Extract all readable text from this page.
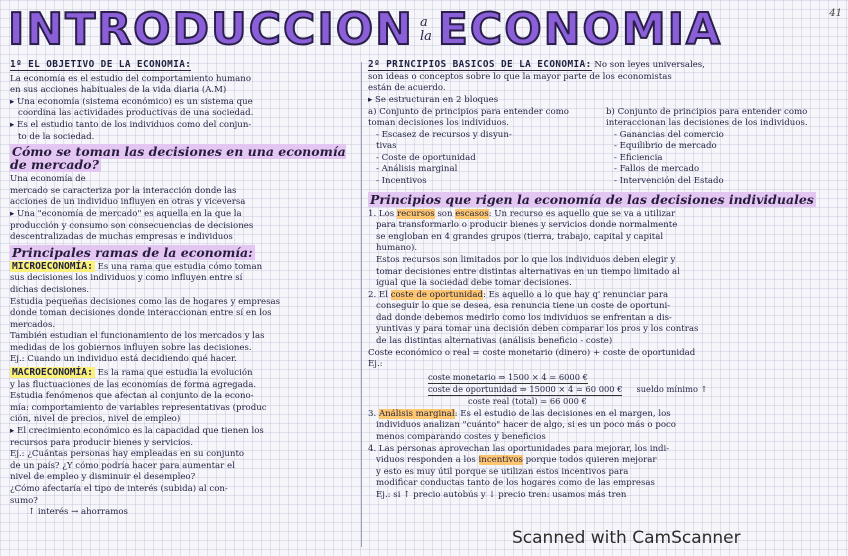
INTRODUCCION a
la ECONOMIA	41
1º EL OBJETIVO DE LA ECONOMÍA:
La economía es el estudio del comportamiento humano
en sus acciones habituales de la vida diaria (A.M)
▸ Una economía (sistema económico) es un sistema que
coordina las actividades productivas de una sociedad.
▸ Es el estudio tanto de los individuos como del conjun-
to de la sociedad.
Cómo se toman las decisiones en una economía de mercado?
Una economía de
mercado se caracteriza por la interacción donde las
acciones de un individuo influyen en otras y viceversa
▸ Una "economía de mercado" es aquella en la que la
producción y consumo son consecuencias de decisiones
descentralizadas de muchas empresas e individuos
Principales ramas de la economía:
MICROECONOMÍA: Es una rama que estudia cómo toman
sus decisiones los individuos y como influyen entre sí
dichas decisiones.
Estudia pequeñas decisiones como las de hogares y empresas
donde toman decisiones donde interaccionan entre sí en los
mercados.
También estudian el funcionamiento de los mercados y las
medidas de los gobiernos influyen sobre las decisiones.
Ej.: Cuando un individuo está decidiendo qué hacer.
MACROECONOMÍA: Es la rama que estudia la evolución
y las fluctuaciones de las economías de forma agregada.
Estudia fenómenos que afectan al conjunto de la econo-
mía: comportamiento de variables representativas (produc
ción, nivel de precios, nivel de empleo)
▸ El crecimiento económico es la capacidad que tienen los
recursos para producir bienes y servicios.
Ej.: ¿Cuántas personas hay empleadas en su conjunto
de un país? ¿Y cómo podría hacer para aumentar el
nivel de empleo y disminuir el desempleo?
¿Cómo afectaría el tipo de interés (subida) al con-
sumo?
↑ interés → ahorramos
2º PRINCIPIOS BÁSICOS DE LA ECONOMÍA: No son leyes universales,
son ideas o conceptos sobre lo que la mayor parte de los economistas
están de acuerdo.
▸ Se estructuran en 2 bloques
a) Conjunto de principios para entender como toman decisiones los individuos.
- Escasez de recursos y disyun-
tivas
- Coste de oportunidad
- Análisis marginal
- Incentivos
b) Conjunto de principios para entender como interaccionan las decisiones de los individuos.
- Ganancias del comercio
- Equilibrio de mercado
- Eficiencia
- Fallos de mercado
- Intervención del Estado
Principios que rigen la economía de las decisiones individuales
1. Los recursos son escasos: Un recurso es aquello que se va a utilizar
para transformarlo o producir bienes y servicios donde normalmente
se engloban en 4 grandes grupos (tierra, trabajo, capital y capital
humano).
Estos recursos son limitados por lo que los individuos deben elegir y
tomar decisiones entre distintas alternativas en un tiempo limitado al
igual que la sociedad debe tomar decisiones.
2. El coste de oportunidad: Es aquello a lo que hay q' renunciar para
conseguir lo que se desea, esa renuncia tiene un coste de oportuni-
dad donde debemos medirlo como los individuos se enfrentan a dis-
yuntivas y para tomar una decisión deben comparar los pros y los contras
de las distintas alternativas (análisis beneficio - coste)
Coste económico o real = coste monetario (dinero) + coste de oportunidad
Ej.:
coste monetario ⇒ 1500 × 4 = 6000 €
coste de oportunidad ⇒ 15000 × 4 = 60 000 € sueldo mínimo ↑
coste real (total) = 66 000 €
3. Análisis marginal: Es el estudio de las decisiones en el margen, los
individuos analizan "cuánto" hacer de algo, si es un poco más o poco
menos comparando costes y beneficios
4. Las personas aprovechan las oportunidades para mejorar, los indi-
viduos responden a los incentivos porque todos quieren mejorar
y esto es muy útil porque se utilizan estos incentivos para
modificar conductas tanto de los hogares como de las empresas
Ej.: si ↑ precio autobús y ↓ precio tren: usamos más tren
Scanned with CamScanner
